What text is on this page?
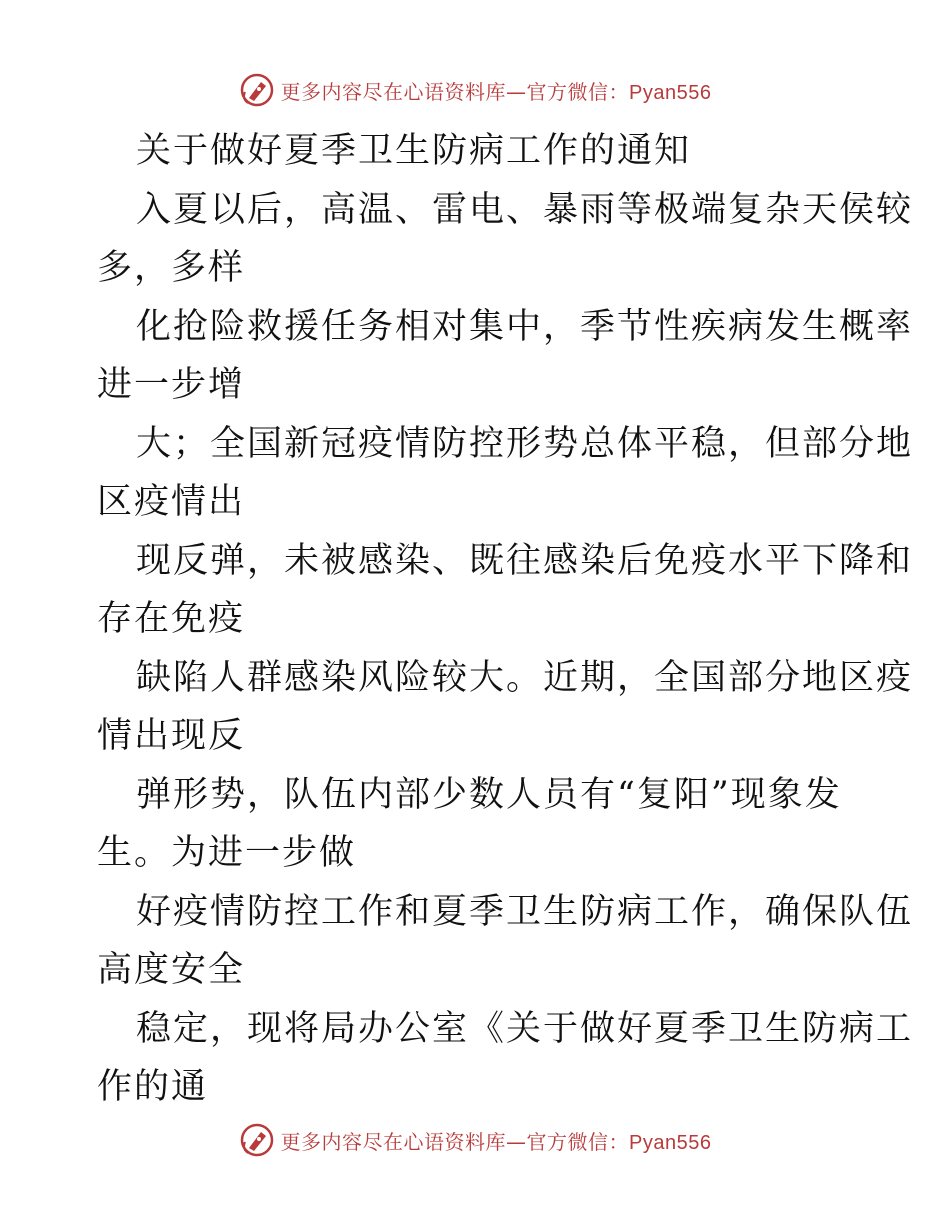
更多内容尽在心语资料库—官方微信：Pyan556
关于做好夏季卫生防病工作的通知
入夏以后，高温、雷电、暴雨等极端复杂天侯较
多，多样
化抢险救援任务相对集中，季节性疾病发生概率
进一步增
大；全国新冠疫情防控形势总体平稳，但部分地
区疫情出
现反弹，未被感染、既往感染后免疫水平下降和
存在免疫
缺陷人群感染风险较大。近期，全国部分地区疫
情出现反
弹形势，队伍内部少数人员有“复阳”现象发
生。为进一步做
好疫情防控工作和夏季卫生防病工作，确保队伍
高度安全
稳定，现将局办公室《关于做好夏季卫生防病工
作的通
更多内容尽在心语资料库—官方微信：Pyan556
